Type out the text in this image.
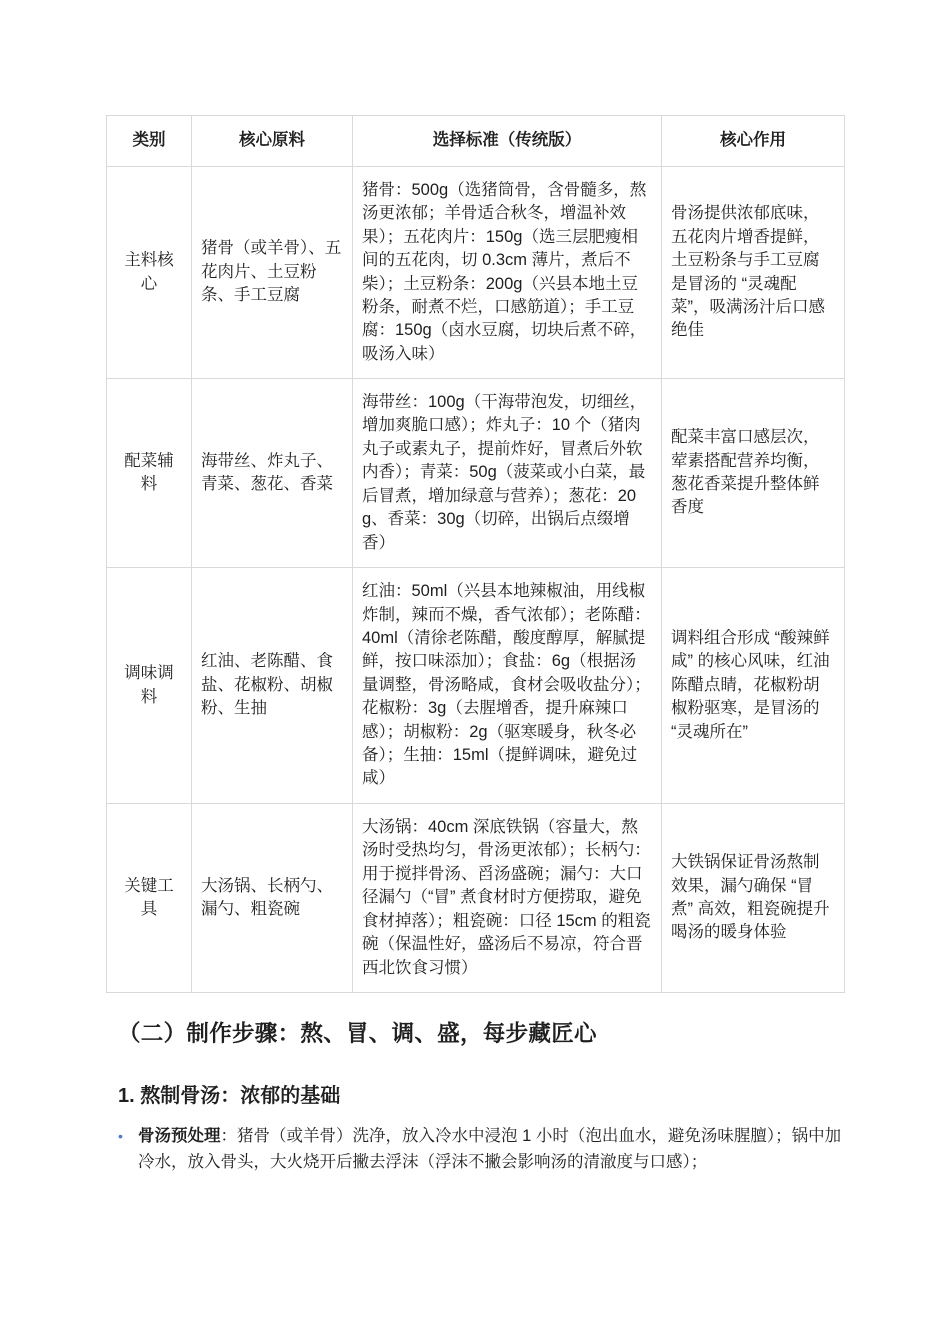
类别	核心原料	选择标准（传统版）	核心作用
主料核心	猪骨（或羊骨）、五花肉片、土豆粉条、手工豆腐	猪骨：500g（选猪筒骨，含骨髓多，熬汤更浓郁；羊骨适合秋冬，增温补效果）；五花肉片：150g（选三层肥瘦相间的五花肉，切 0.3cm 薄片，煮后不柴）；土豆粉条：200g（兴县本地土豆粉条，耐煮不烂，口感筋道）；手工豆腐：150g（卤水豆腐，切块后煮不碎，吸汤入味）	骨汤提供浓郁底味，五花肉片增香提鲜，土豆粉条与手工豆腐是冒汤的 “灵魂配菜”，吸满汤汁后口感绝佳
配菜辅料	海带丝、炸丸子、青菜、葱花、香菜	海带丝：100g（干海带泡发，切细丝，增加爽脆口感）；炸丸子：10 个（猪肉丸子或素丸子，提前炸好，冒煮后外软内香）；青菜：50g（菠菜或小白菜，最后冒煮，增加绿意与营养）；葱花：20g、香菜：30g（切碎，出锅后点缀增香）	配菜丰富口感层次，荤素搭配营养均衡，葱花香菜提升整体鲜香度
调味调料	红油、老陈醋、食盐、花椒粉、胡椒粉、生抽	红油：50ml（兴县本地辣椒油，用线椒炸制，辣而不燥，香气浓郁）；老陈醋：40ml（清徐老陈醋，酸度醇厚，解腻提鲜，按口味添加）；食盐：6g（根据汤量调整，骨汤略咸，食材会吸收盐分）；花椒粉：3g（去腥增香，提升麻辣口感）；胡椒粉：2g（驱寒暖身，秋冬必备）；生抽：15ml（提鲜调味，避免过咸）	调料组合形成 “酸辣鲜咸” 的核心风味，红油陈醋点睛，花椒粉胡椒粉驱寒，是冒汤的 “灵魂所在”
关键工具	大汤锅、长柄勺、漏勺、粗瓷碗	大汤锅：40cm 深底铁锅（容量大，熬汤时受热均匀，骨汤更浓郁）；长柄勺：用于搅拌骨汤、舀汤盛碗；漏勺：大口径漏勺（“冒” 煮食材时方便捞取，避免食材掉落）；粗瓷碗：口径 15cm 的粗瓷碗（保温性好，盛汤后不易凉，符合晋西北饮食习惯）	大铁锅保证骨汤熬制效果，漏勺确保 “冒煮” 高效，粗瓷碗提升喝汤的暖身体验
（二）制作步骤：熬、冒、调、盛，每步藏匠心
1. 熬制骨汤：浓郁的基础
• 骨汤预处理：猪骨（或羊骨）洗净，放入冷水中浸泡 1 小时（泡出血水，避免汤味腥膻）；锅中加冷水，放入骨头，大火烧开后撇去浮沫（浮沫不撇会影响汤的清澈度与口感）；
